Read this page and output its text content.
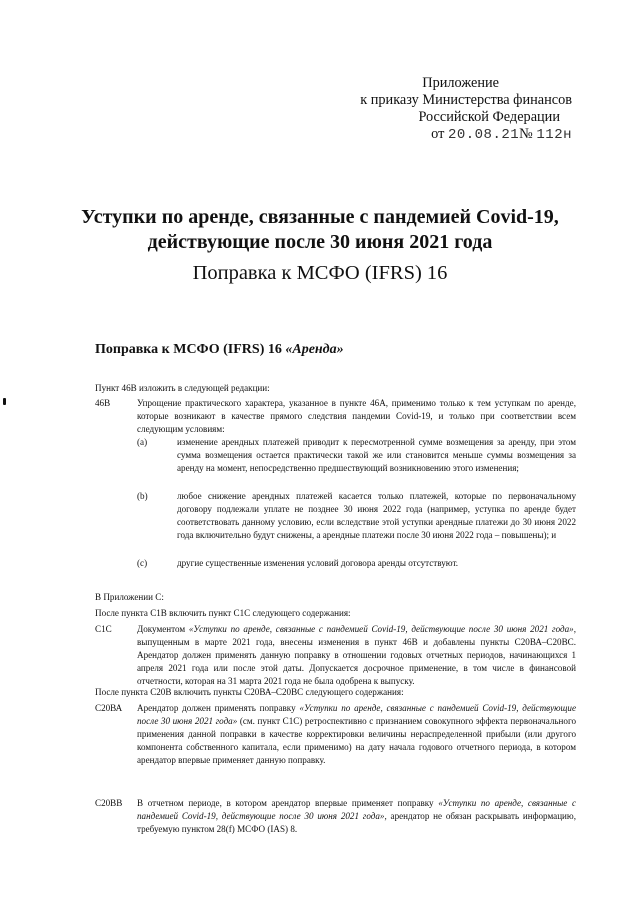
Приложение
к приказу Министерства финансов
Российской Федерации
от 20.08.21№ 112н
Уступки по аренде, связанные с пандемией Covid-19,
действующие после 30 июня 2021 года
Поправка к МСФО (IFRS) 16
Поправка к МСФО (IFRS) 16 «Аренда»
Пункт 46B изложить в следующей редакции:
46B	Упрощение практического характера, указанное в пункте 46А, применимо только к тем уступкам по аренде, которые возникают в качестве прямого следствия пандемии Covid-19, и только при соответствии всем следующим условиям:
(a)	изменение арендных платежей приводит к пересмотренной сумме возмещения за аренду, при этом сумма возмещения остается практически такой же или становится меньше суммы возмещения за аренду на момент, непосредственно предшествующий возникновению этого изменения;
(b)	любое снижение арендных платежей касается только платежей, которые по первоначальному договору подлежали уплате не позднее 30 июня 2022 года (например, уступка по аренде будет соответствовать данному условию, если вследствие этой уступки арендные платежи до 30 июня 2022 года включительно будут снижены, а арендные платежи после 30 июня 2022 года – повышены); и
(c)	другие существенные изменения условий договора аренды отсутствуют.
В Приложении С:
После пункта С1В включить пункт С1С следующего содержания:
С1С	Документом «Уступки по аренде, связанные с пандемией Covid-19, действующие после 30 июня 2021 года», выпущенным в марте 2021 года, внесены изменения в пункт 46B и добавлены пункты С20ВА–С20ВС. Арендатор должен применять данную поправку в отношении годовых отчетных периодов, начинающихся 1 апреля 2021 года или после этой даты. Допускается досрочное применение, в том числе в финансовой отчетности, которая на 31 марта 2021 года не была одобрена к выпуску.
После пункта С20В включить пункты С20ВА–С20ВС следующего содержания:
С20ВА Арендатор должен применять поправку «Уступки по аренде, связанные с пандемией Covid-19, действующие после 30 июня 2021 года» (см. пункт С1С) ретроспективно с признанием совокупного эффекта первоначального применения данной поправки в качестве корректировки величины нераспределенной прибыли (или другого компонента собственного капитала, если применимо) на дату начала годового отчетного периода, в котором арендатор впервые применяет данную поправку.
С20ВВ В отчетном периоде, в котором арендатор впервые применяет поправку «Уступки по аренде, связанные с пандемией Covid-19, действующие после 30 июня 2021 года», арендатор не обязан раскрывать информацию, требуемую пунктом 28(f) МСФО (IAS) 8.
